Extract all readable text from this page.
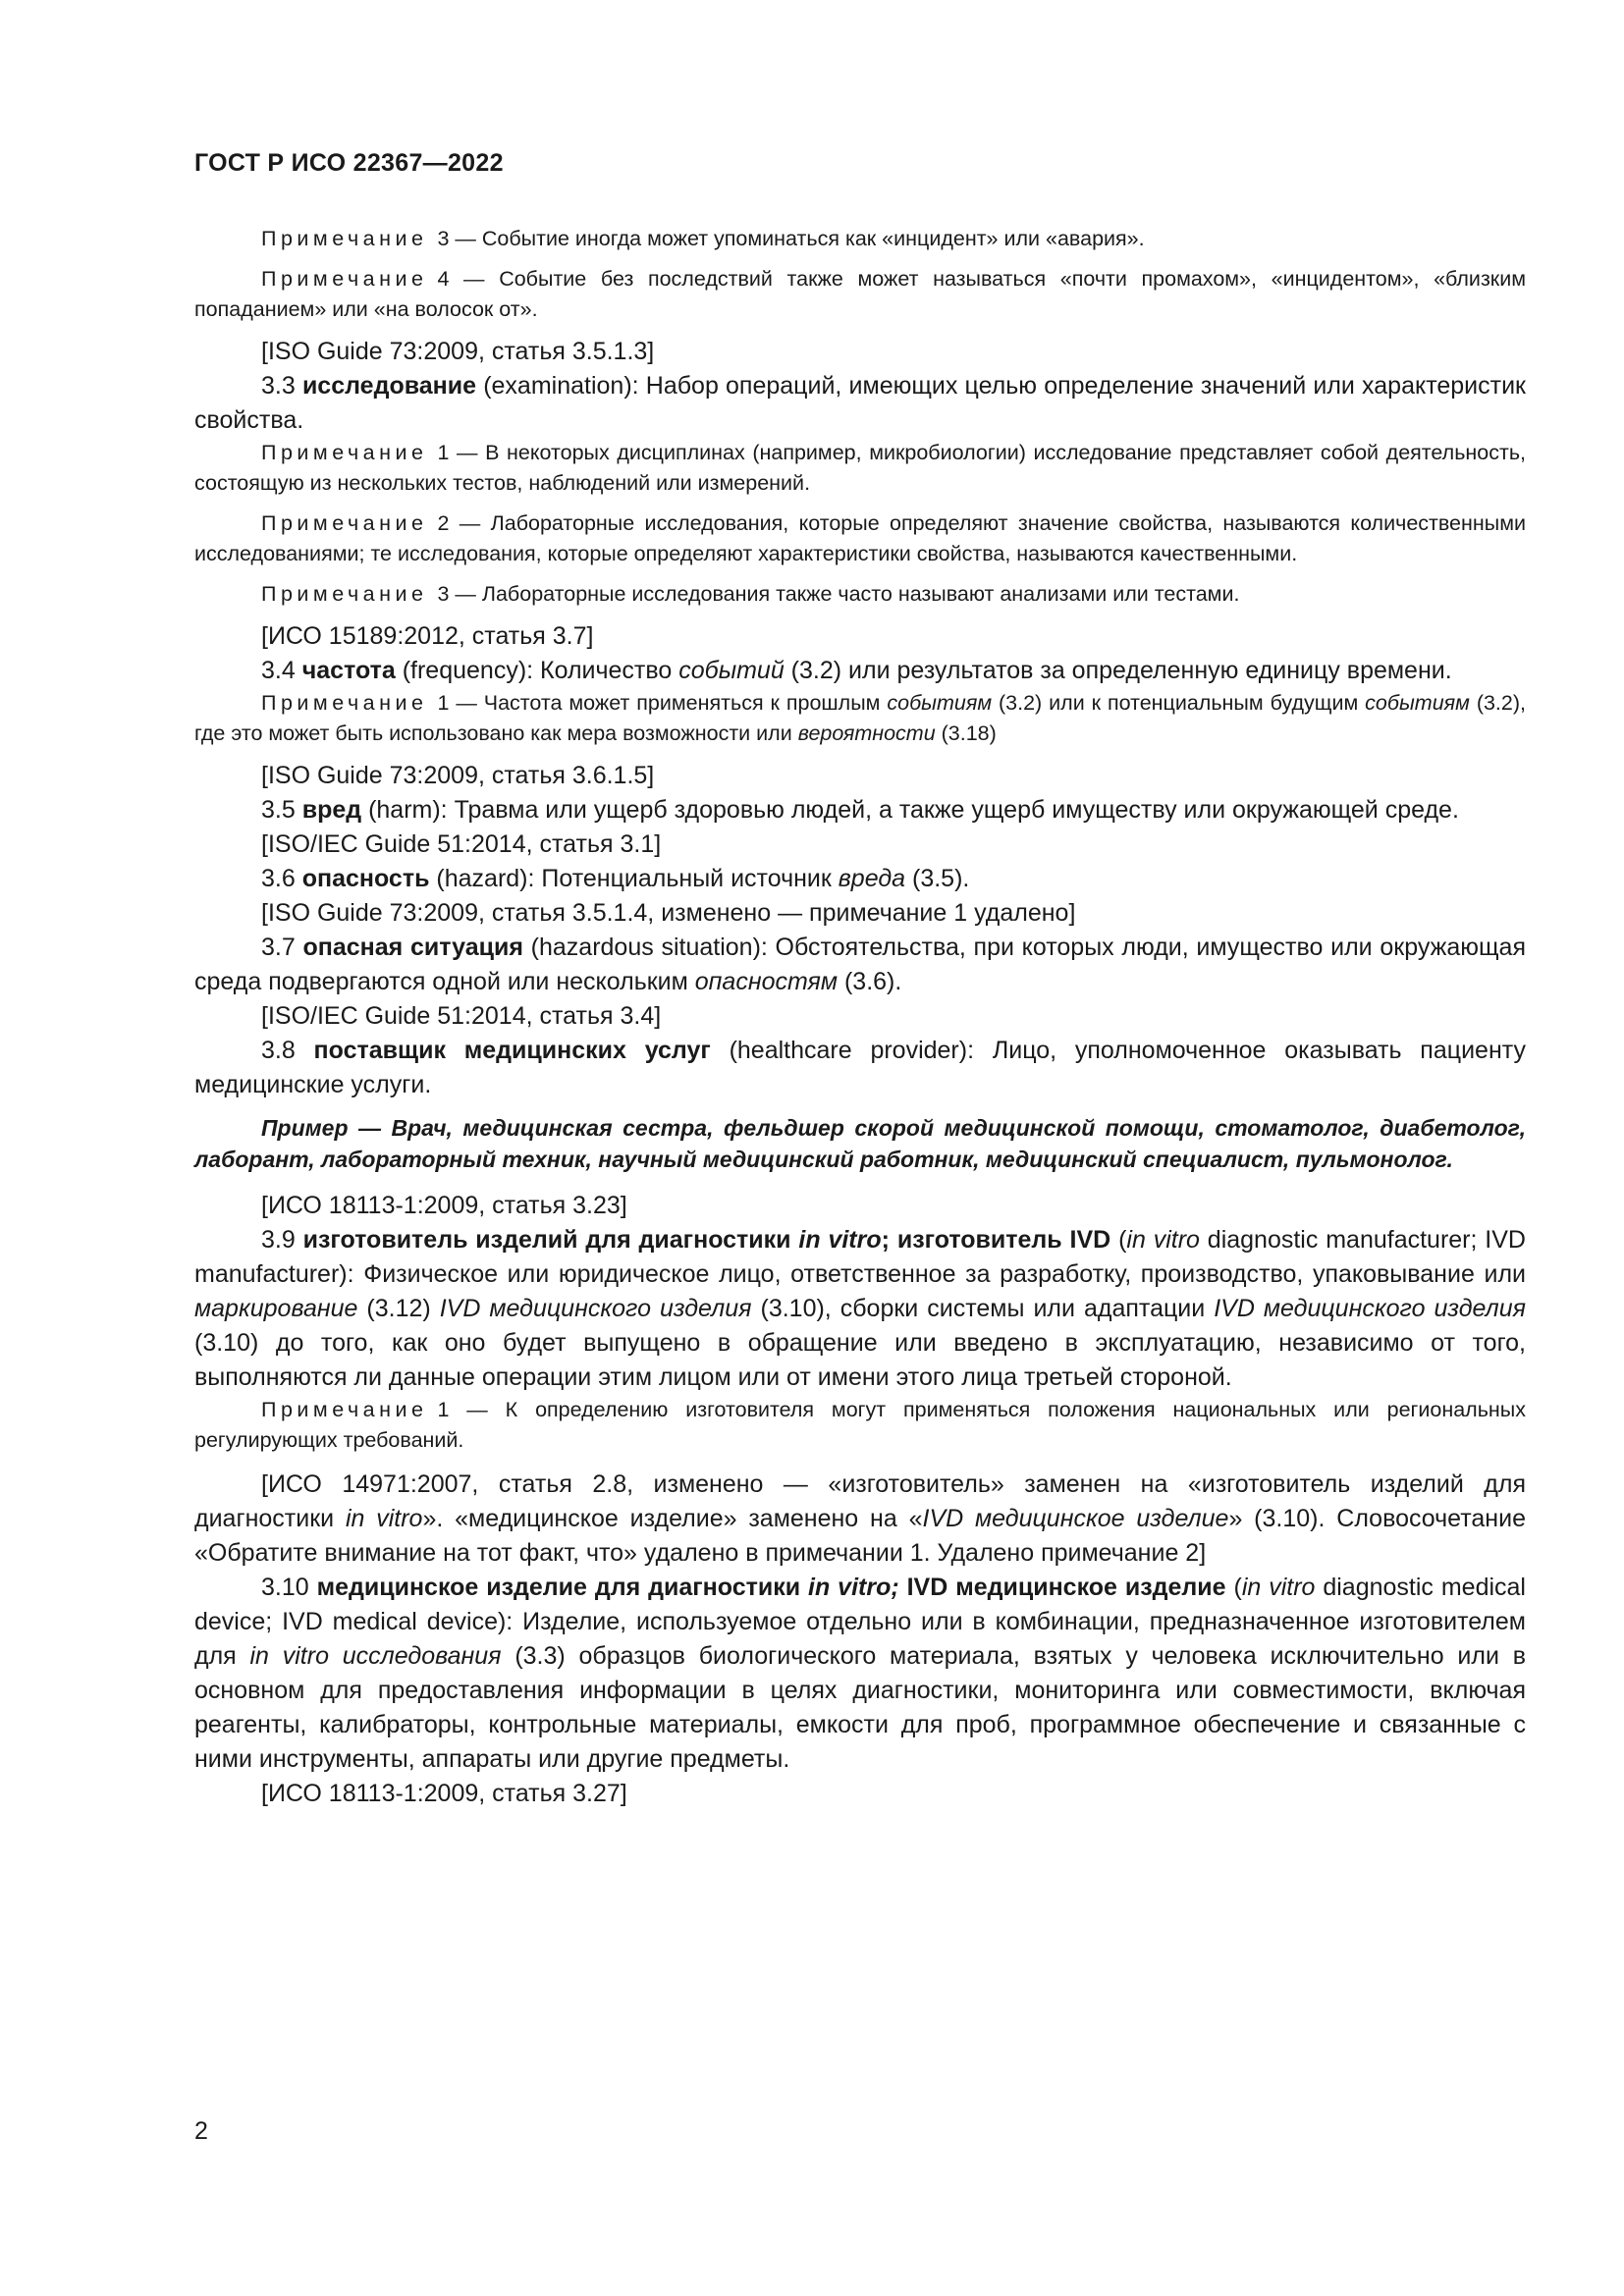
ГОСТ Р ИСО 22367—2022

Примечание 3 — Событие иногда может упоминаться как «инцидент» или «авария».

Примечание 4 — Событие без последствий также может называться «почти промахом», «инцидентом», «близким попаданием» или «на волосок от».

[ISO Guide 73:2009, статья 3.5.1.3]

3.3 исследование (examination): Набор операций, имеющих целью определение значений или характеристик свойства.

Примечание 1 — В некоторых дисциплинах (например, микробиологии) исследование представляет собой деятельность, состоящую из нескольких тестов, наблюдений или измерений.

Примечание 2 — Лабораторные исследования, которые определяют значение свойства, называются количественными исследованиями; те исследования, которые определяют характеристики свойства, называются качественными.

Примечание 3 — Лабораторные исследования также часто называют анализами или тестами.

[ИСО 15189:2012, статья 3.7]

3.4 частота (frequency): Количество событий (3.2) или результатов за определенную единицу времени.

Примечание 1 — Частота может применяться к прошлым событиям (3.2) или к потенциальным будущим событиям (3.2), где это может быть использовано как мера возможности или вероятности (3.18)

[ISO Guide 73:2009, статья 3.6.1.5]

3.5 вред (harm): Травма или ущерб здоровью людей, а также ущерб имуществу или окружающей среде.

[ISO/IEC Guide 51:2014, статья 3.1]

3.6 опасность (hazard): Потенциальный источник вреда (3.5).

[ISO Guide 73:2009, статья 3.5.1.4, изменено — примечание 1 удалено]

3.7 опасная ситуация (hazardous situation): Обстоятельства, при которых люди, имущество или окружающая среда подвергаются одной или нескольким опасностям (3.6).

[ISO/IEC Guide 51:2014, статья 3.4]

3.8 поставщик медицинских услуг (healthcare provider): Лицо, уполномоченное оказывать пациенту медицинские услуги.

Пример — Врач, медицинская сестра, фельдшер скорой медицинской помощи, стоматолог, диабетолог, лаборант, лабораторный техник, научный медицинский работник, медицинский специалист, пульмонолог.

[ИСО 18113-1:2009, статья 3.23]

3.9 изготовитель изделий для диагностики in vitro; изготовитель IVD (in vitro diagnostic manufacturer; IVD manufacturer): Физическое или юридическое лицо, ответственное за разработку, производство, упаковывание или маркирование (3.12) IVD медицинского изделия (3.10), сборки системы или адаптации IVD медицинского изделия (3.10) до того, как оно будет выпущено в обращение или введено в эксплуатацию, независимо от того, выполняются ли данные операции этим лицом или от имени этого лица третьей стороной.

Примечание 1 — К определению изготовителя могут применяться положения национальных или региональных регулирующих требований.

[ИСО 14971:2007, статья 2.8, изменено — «изготовитель» заменен на «изготовитель изделий для диагностики in vitro». «медицинское изделие» заменено на «IVD медицинское изделие» (3.10). Словосочетание «Обратите внимание на тот факт, что» удалено в примечании 1. Удалено примечание 2]

3.10 медицинское изделие для диагностики in vitro; IVD медицинское изделие (in vitro diagnostic medical device; IVD medical device): Изделие, используемое отдельно или в комбинации, предназначенное изготовителем для in vitro исследования (3.3) образцов биологического материала, взятых у человека исключительно или в основном для предоставления информации в целях диагностики, мониторинга или совместимости, включая реагенты, калибраторы, контрольные материалы, емкости для проб, программное обеспечение и связанные с ними инструменты, аппараты или другие предметы.

[ИСО 18113-1:2009, статья 3.27]

2
